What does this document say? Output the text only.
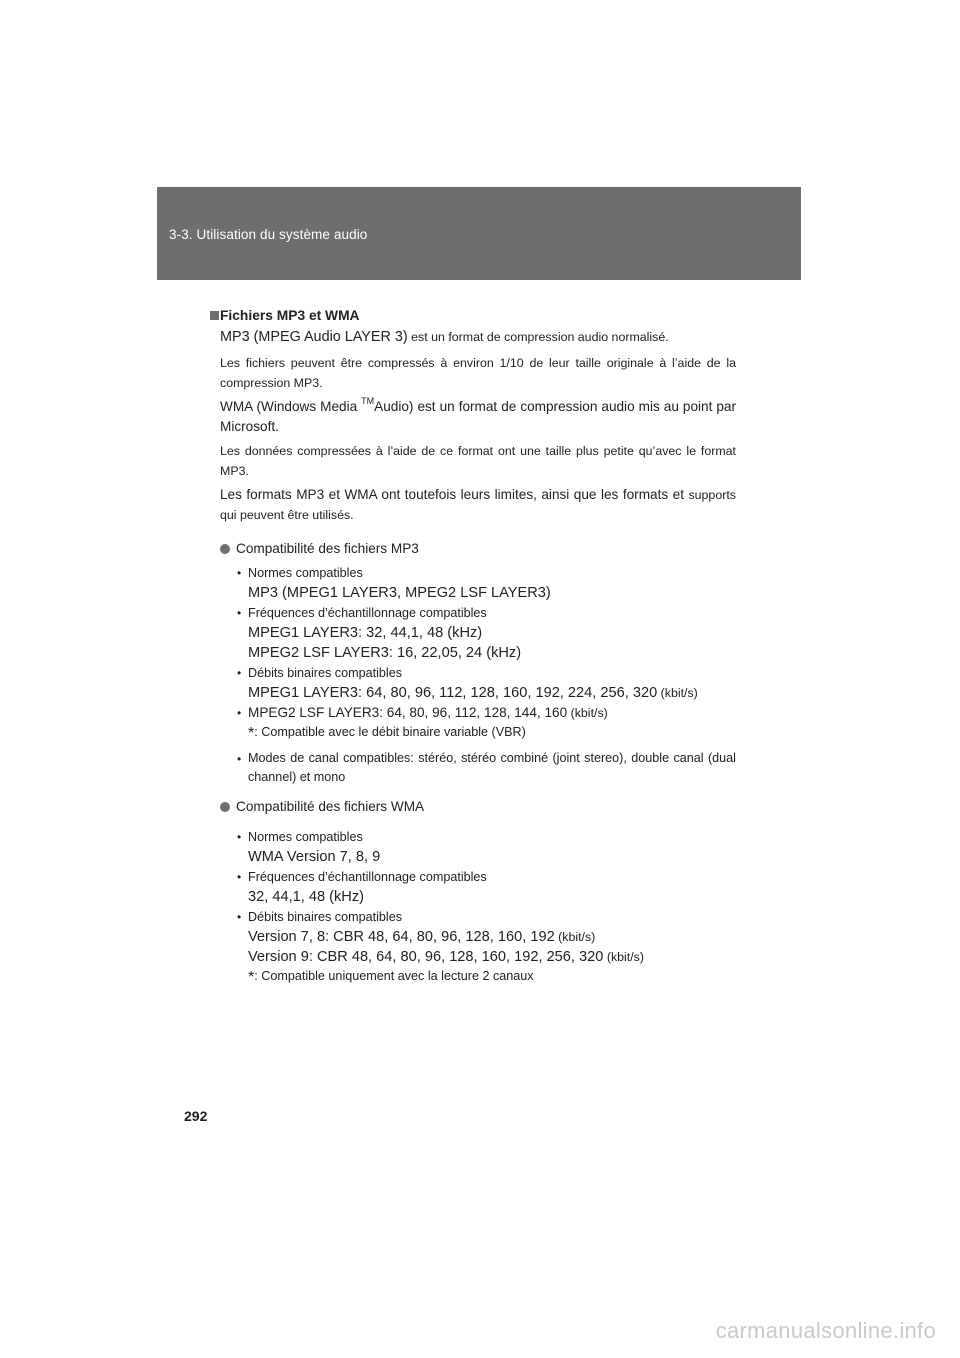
3-3. Utilisation du système audio
Fichiers MP3 et WMA
MP3 (MPEG Audio LAYER 3) est un format de compression audio normalisé.
Les fichiers peuvent être compressés à environ 1/10 de leur taille originale à l’aide de la compression MP3.
WMA (Windows Media ™Audio) est un format de compression audio mis au point par Microsoft.
Les données compressées à l’aide de ce format ont une taille plus petite qu’avec le format MP3.
Les formats MP3 et WMA ont toutefois leurs limites, ainsi que les formats et supports qui peuvent être utilisés.
Compatibilité des fichiers MP3
• Normes compatibles
MP3 (MPEG1 LAYER3, MPEG2 LSF LAYER3)
• Fréquences d’échantillonnage compatibles
MPEG1 LAYER3: 32, 44,1, 48 (kHz)
MPEG2 LSF LAYER3: 16, 22,05, 24 (kHz)
• Débits binaires compatibles
MPEG1 LAYER3: 64, 80, 96, 112, 128, 160, 192, 224, 256, 320 (kbit/s)
• MPEG2 LSF LAYER3: 64, 80, 96, 112, 128, 144, 160 (kbit/s)
*: Compatible avec le débit binaire variable (VBR)
• Modes de canal compatibles: stéréo, stéréo combiné (joint stereo), double canal (dual channel) et mono
Compatibilité des fichiers WMA
• Normes compatibles
WMA Version 7, 8, 9
• Fréquences d’échantillonnage compatibles
32, 44,1, 48 (kHz)
• Débits binaires compatibles
Version 7, 8: CBR 48, 64, 80, 96, 128, 160, 192 (kbit/s)
Version 9: CBR 48, 64, 80, 96, 128, 160, 192, 256, 320 (kbit/s)
*: Compatible uniquement avec la lecture 2 canaux
292
carmanualsonline.info
